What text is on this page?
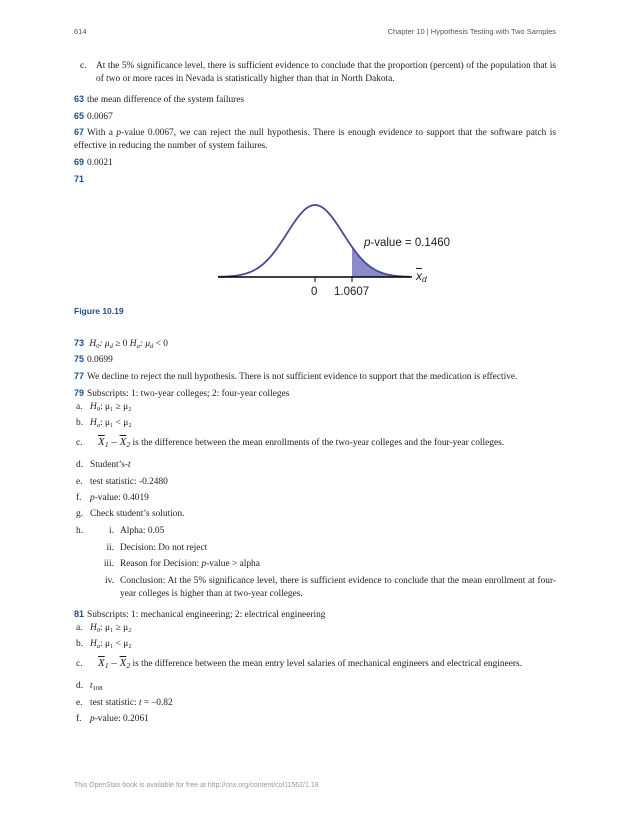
614	Chapter 10 | Hypothesis Testing with Two Samples
c. At the 5% significance level, there is sufficient evidence to conclude that the proportion (percent) of the population that is of two or more races in Nevada is statistically higher than that in North Dakota.
63 the mean difference of the system failures
65 0.0067
67 With a p-value 0.0067, we can reject the null hypothesis. There is enough evidence to support that the software patch is effective in reducing the number of system failures.
69 0.0021
71
p-value = 0.1460
0 1.0607
$\overline{x}_d$
Figure 10.19
73 $H_0$: $\mu_d \ge 0$ $H_a$: $\mu_d < 0$
75 0.0699
77 We decline to reject the null hypothesis. There is not sufficient evidence to support that the medication is effective.
79 Subscripts: 1: two-year colleges; 2: four-year colleges
a. $H_0$: μ₁ ≥ μ₂
b. $H_a$: μ₁ < μ₂
c. $\overline{X}_1 - \overline{X}_2$ is the difference between the mean enrollments of the two-year colleges and the four-year colleges.
d. Student’s-t
e. test statistic: -0.2480
f. p-value: 0.4019
g. Check student’s solution.
h.	i. Alpha: 0.05
ii. Decision: Do not reject
iii. Reason for Decision: p-value > alpha
iv. Conclusion: At the 5% significance level, there is sufficient evidence to conclude that the mean enrollment at four-year colleges is higher than at two-year colleges.
81 Subscripts: 1: mechanical engineering; 2: electrical engineering
a. $H_0$: μ₁ ≥ μ₂
b. $H_a$: μ₁ < μ₂
c. $\overline{X}_1 - \overline{X}_2$ is the difference between the mean entry level salaries of mechanical engineers and electrical engineers.
d. $t_{108}$
e. test statistic: t = –0.82
f. p-value: 0.2061
This OpenStax book is available for free at http://cnx.org/content/col11562/1.18
